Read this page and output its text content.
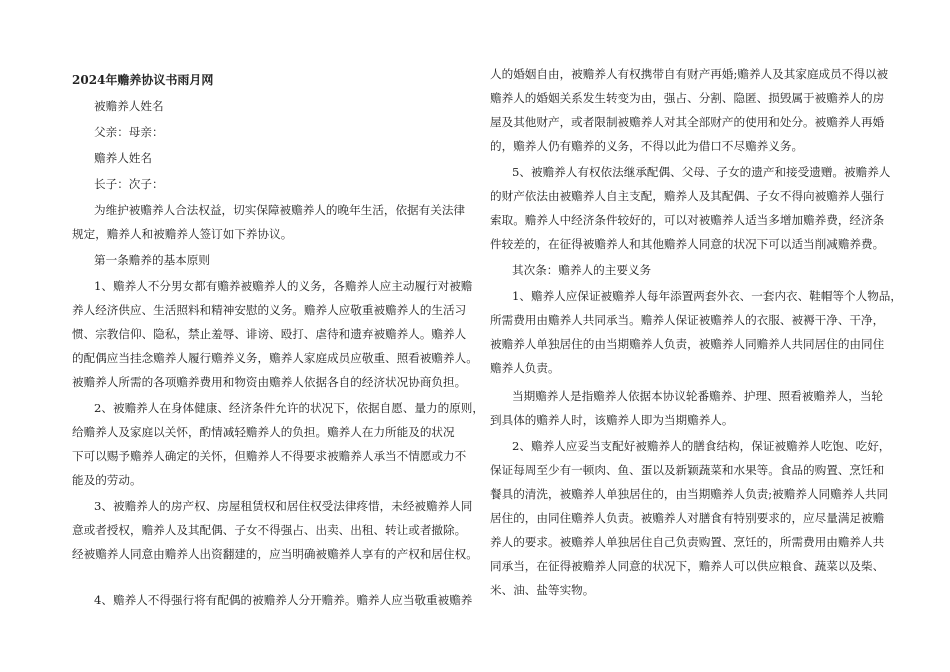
2024年赡养协议书雨月网
被赡养人姓名
父亲：母亲：
赡养人姓名
长子：次子：
为维护被赡养人合法权益，切实保障被赡养人的晚年生活，依据有关法律
规定，赡养人和被赡养人签订如下养协议。
第一条赡养的基本原则
1、赡养人不分男女都有赡养被赡养人的义务，各赡养人应主动履行对被赡
养人经济供应、生活照料和精神安慰的义务。赡养人应敬重被赡养人的生活习
惯、宗教信仰、隐私，禁止羞辱、诽谤、殴打、虐待和遗弃被赡养人。赡养人
的配偶应当挂念赡养人履行赡养义务，赡养人家庭成员应敬重、照看被赡养人。
被赡养人所需的各项赡养费用和物资由赡养人依据各自的经济状况协商负担。
2、被赡养人在身体健康、经济条件允许的状况下，依据自愿、量力的原则，
给赡养人及家庭以关怀，酌情减轻赡养人的负担。赡养人在力所能及的状况
下可以赐予赡养人确定的关怀，但赡养人不得要求被赡养人承当不情愿或力不
能及的劳动。
3、被赡养人的房产权、房屋租赁权和居住权受法律疼惜，未经被赡养人同
意或者授权，赡养人及其配偶、子女不得强占、出卖、出租、转让或者撤除。
经被赡养人同意由赡养人出资翻建的，应当明确被赡养人享有的产权和居住权。
4、赡养人不得强行将有配偶的被赡养人分开赡养。赡养人应当敬重被赡养
人的婚姻自由，被赡养人有权携带自有财产再婚;赡养人及其家庭成员不得以被
赡养人的婚姻关系发生转变为由，强占、分割、隐匿、损毁属于被赡养人的房
屋及其他财产，或者限制被赡养人对其全部财产的使用和处分。被赡养人再婚
的，赡养人仍有赡养的义务，不得以此为借口不尽赡养义务。
5、被赡养人有权依法继承配偶、父母、子女的遗产和接受遗赠。被赡养人
的财产依法由被赡养人自主支配，赡养人及其配偶、子女不得向被赡养人强行
索取。赡养人中经济条件较好的，可以对被赡养人适当多增加赡养费，经济条
件较差的，在征得被赡养人和其他赡养人同意的状况下可以适当削减赡养费。
其次条：赡养人的主要义务
1、赡养人应保证被赡养人每年添置两套外衣、一套内衣、鞋帽等个人物品，
所需费用由赡养人共同承当。赡养人保证被赡养人的衣服、被褥干净、干净，
被赡养人单独居住的由当期赡养人负责，被赡养人同赡养人共同居住的由同住
赡养人负责。
当期赡养人是指赡养人依据本协议轮番赡养、护理、照看被赡养人，当轮
到具体的赡养人时，该赡养人即为当期赡养人。
2、赡养人应妥当支配好被赡养人的膳食结构，保证被赡养人吃饱、吃好，
保证每周至少有一顿肉、鱼、蛋以及新颖蔬菜和水果等。食品的购置、烹饪和
餐具的清洗，被赡养人单独居住的，由当期赡养人负责;被赡养人同赡养人共同
居住的，由同住赡养人负责。被赡养人对膳食有特别要求的，应尽量满足被赡
养人的要求。被赡养人单独居住自己负责购置、烹饪的，所需费用由赡养人共
同承当，在征得被赡养人同意的状况下，赡养人可以供应粮食、蔬菜以及柴、
米、油、盐等实物。
